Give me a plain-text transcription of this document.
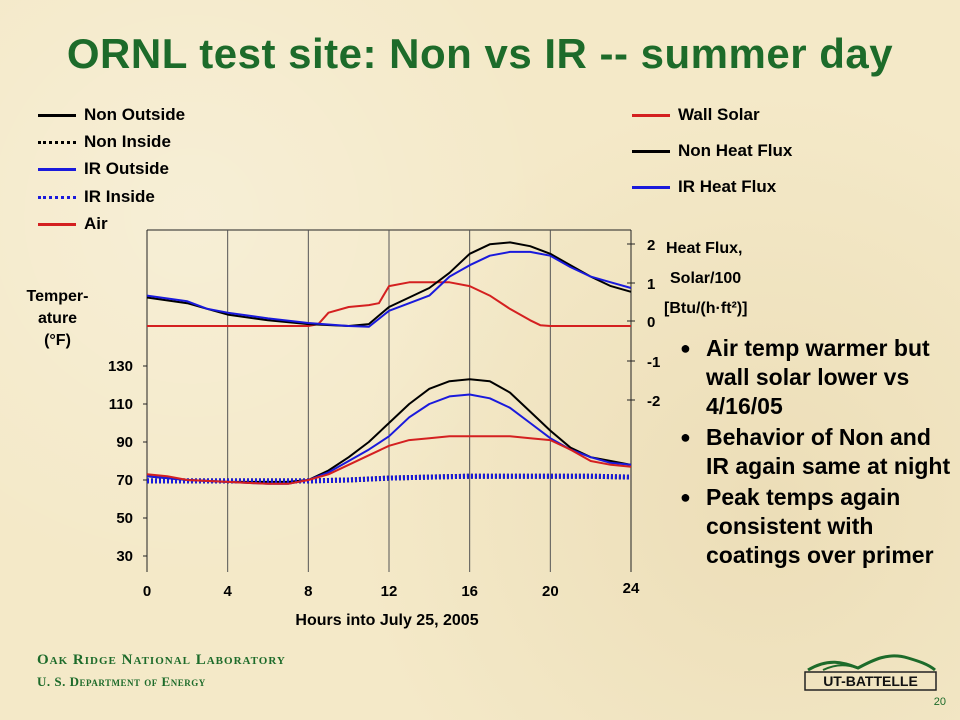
ORNL test site: Non vs IR -- summer day
Non Outside
Non Inside
IR Outside
IR Inside
Air
Wall Solar
Non Heat Flux
IR Heat Flux
Temper-
ature
(°F)
Heat Flux,
Solar/100
[Btu/(h·ft²)]
0	4	8	12	16	20	24
30
50
70
90
110
130
2
1
0
-1
-2
Hours into July 25, 2005
● Air temp warmer but wall solar lower vs 4/16/05
● Behavior of Non and IR again same at night
● Peak temps again consistent with coatings over primer
Oak Ridge National Laboratory
U. S. Department of Energy	UT-BATTELLE
20
